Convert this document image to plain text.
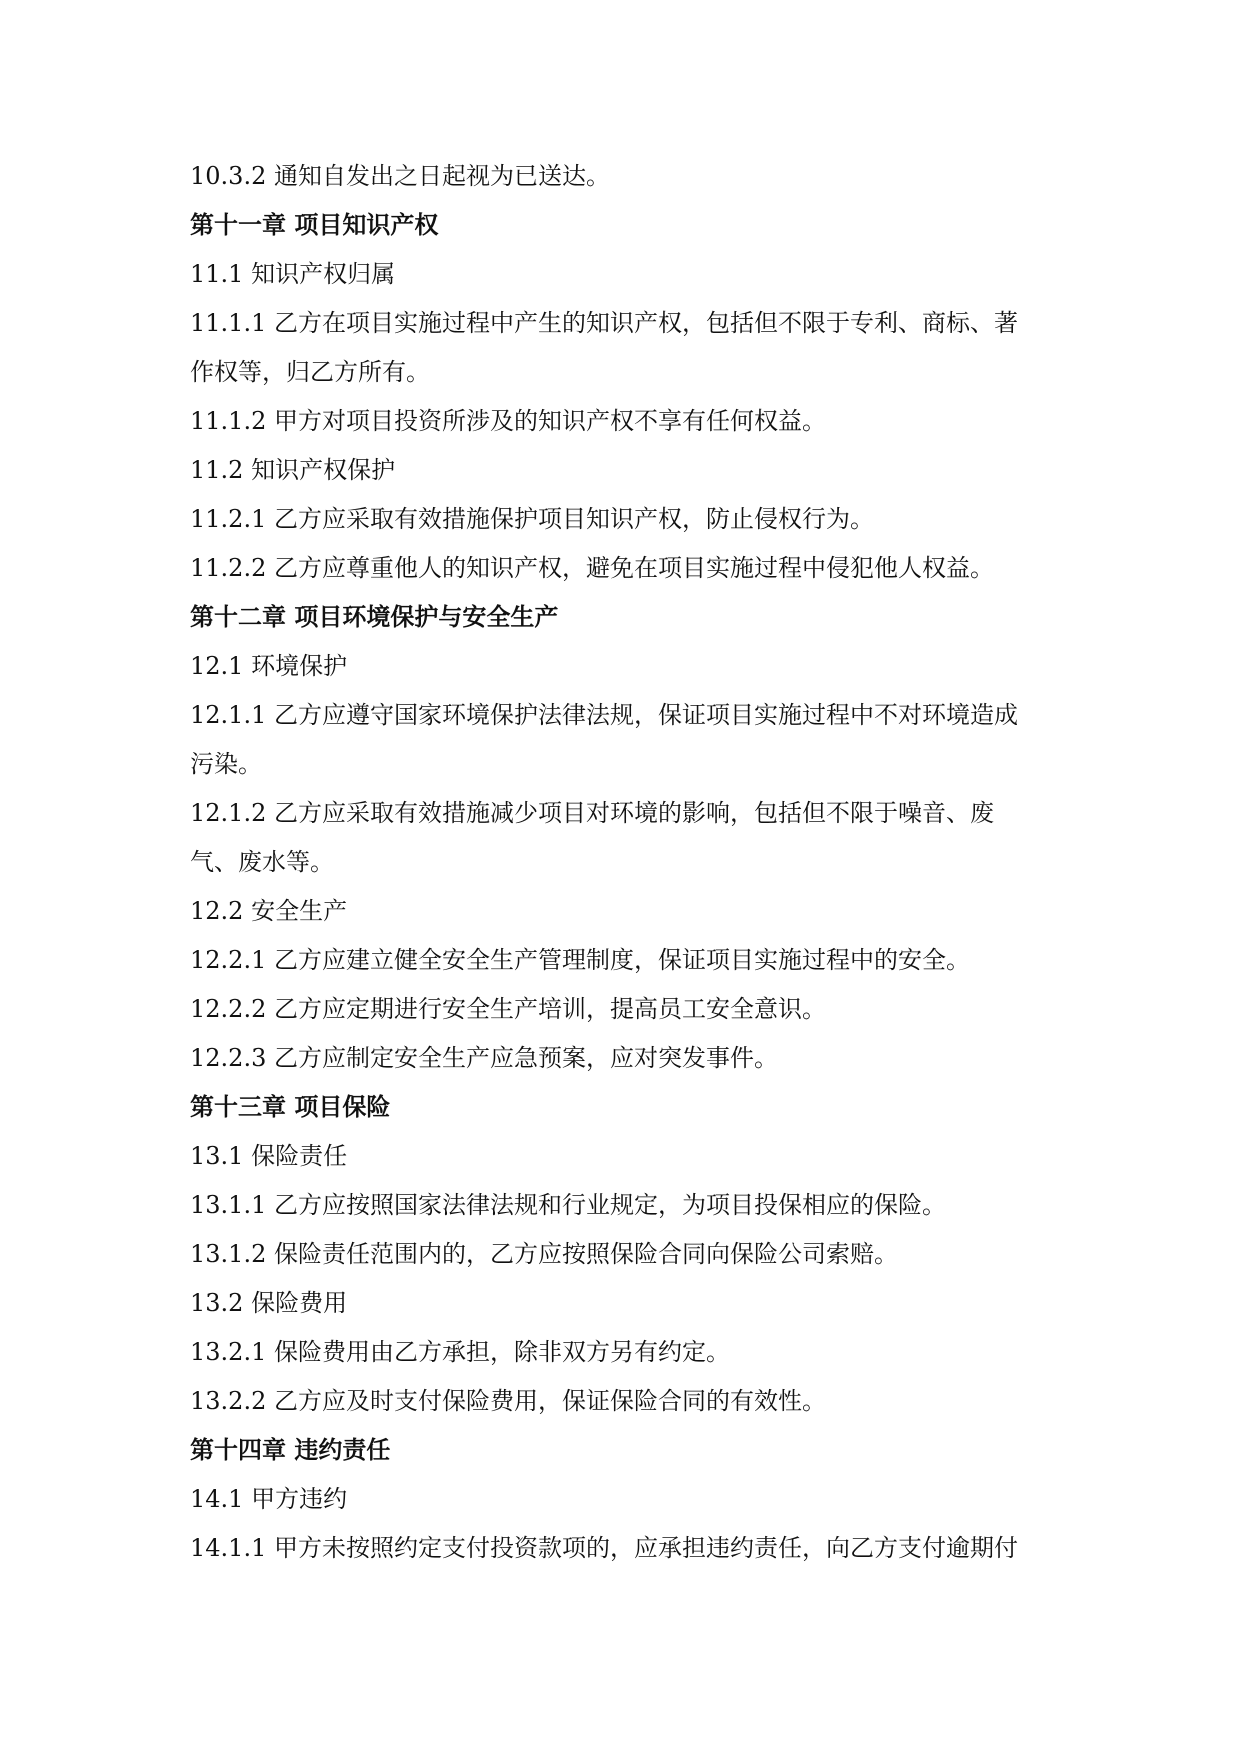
10.3.2 通知自发出之日起视为已送达。
第十一章 项目知识产权
11.1 知识产权归属
11.1.1 乙方在项目实施过程中产生的知识产权，包括但不限于专利、商标、著
作权等，归乙方所有。
11.1.2 甲方对项目投资所涉及的知识产权不享有任何权益。
11.2 知识产权保护
11.2.1 乙方应采取有效措施保护项目知识产权，防止侵权行为。
11.2.2 乙方应尊重他人的知识产权，避免在项目实施过程中侵犯他人权益。
第十二章 项目环境保护与安全生产
12.1 环境保护
12.1.1 乙方应遵守国家环境保护法律法规，保证项目实施过程中不对环境造成
污染。
12.1.2 乙方应采取有效措施减少项目对环境的影响，包括但不限于噪音、废
气、废水等。
12.2 安全生产
12.2.1 乙方应建立健全安全生产管理制度，保证项目实施过程中的安全。
12.2.2 乙方应定期进行安全生产培训，提高员工安全意识。
12.2.3 乙方应制定安全生产应急预案，应对突发事件。
第十三章 项目保险
13.1 保险责任
13.1.1 乙方应按照国家法律法规和行业规定，为项目投保相应的保险。
13.1.2 保险责任范围内的，乙方应按照保险合同向保险公司索赔。
13.2 保险费用
13.2.1 保险费用由乙方承担，除非双方另有约定。
13.2.2 乙方应及时支付保险费用，保证保险合同的有效性。
第十四章 违约责任
14.1 甲方违约
14.1.1 甲方未按照约定支付投资款项的，应承担违约责任，向乙方支付逾期付
